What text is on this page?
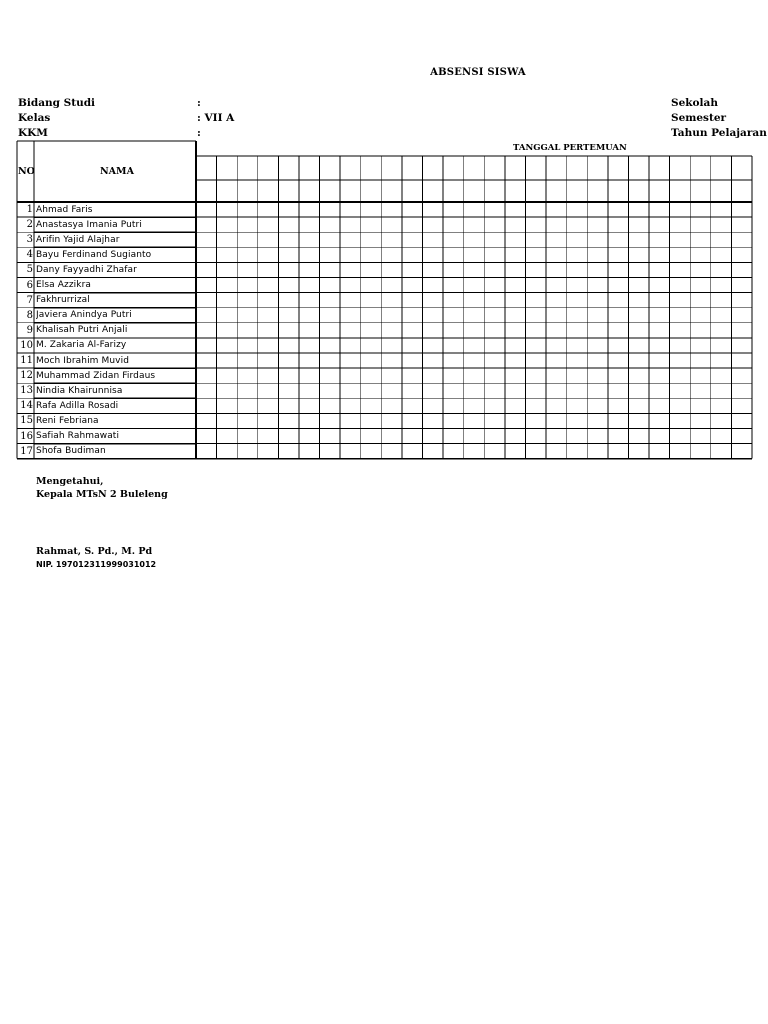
ABSENSI SISWA
Bidang Studi
Kelas
KKM
:
: VII A
:
Sekolah
Semester
Tahun Pelajaran
NO	NAMA
TANGGAL PERTEMUAN
1 Ahmad Faris
2 Anastasya Imania Putri
3 Arifin Yajid Alajhar
4 Bayu Ferdinand Sugianto
5 Dany Fayyadhi Zhafar
6 Elsa Azzikra
7 Fakhrurrizal
8 Javiera Anindya Putri
9 Khalisah Putri Anjali
10 M. Zakaria Al-Farizy
11 Moch Ibrahim Muvid
12 Muhammad Zidan Firdaus
13 Nindia Khairunnisa
14 Rafa Adilla Rosadi
15 Reni Febriana
16 Safiah Rahmawati
17 Shofa Budiman
Mengetahui,
Kepala MTsN 2 Buleleng
Rahmat, S. Pd., M. Pd
NIP. 197012311999031012
